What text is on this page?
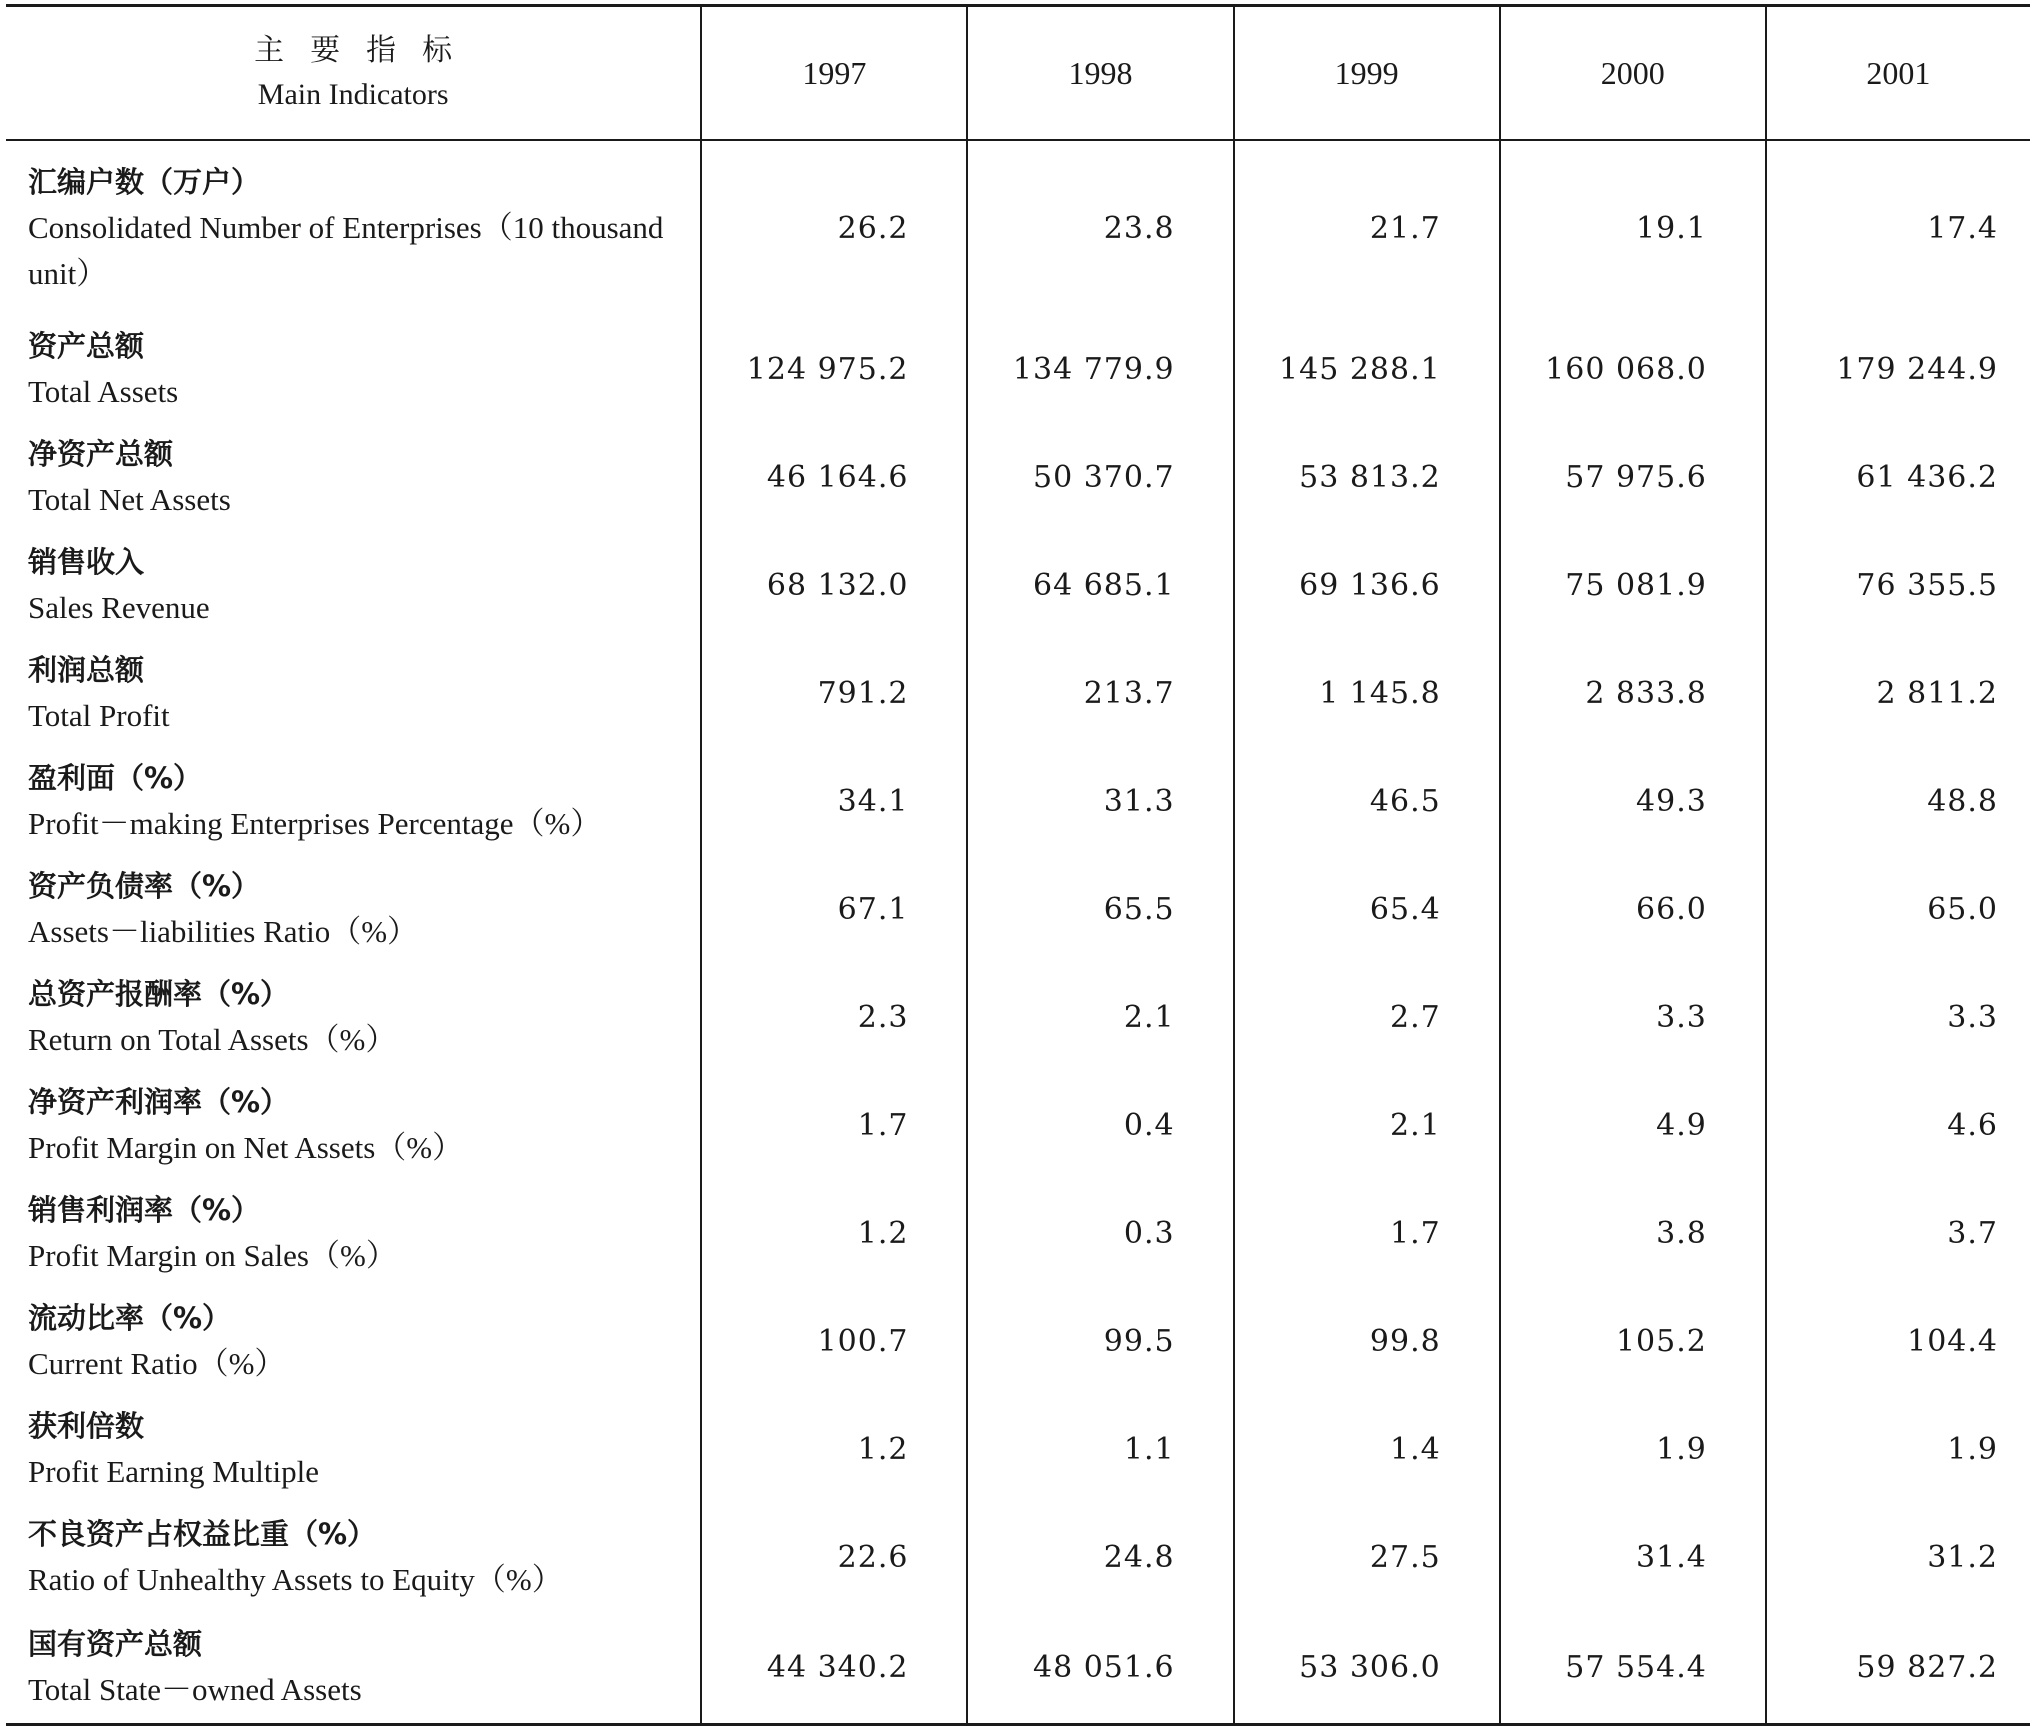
主要指标
Main Indicators	1997	1998	1999	2000	2001

汇编户数（万户）
Consolidated Number of Enterprises（10 thousand unit）	26.2	23.8	21.7	19.1	17.4

资产总额
Total Assets	124 975.2	134 779.9	145 288.1	160 068.0	179 244.9

净资产总额
Total Net Assets	46 164.6	50 370.7	53 813.2	57 975.6	61 436.2

销售收入
Sales Revenue	68 132.0	64 685.1	69 136.6	75 081.9	76 355.5

利润总额
Total Profit	791.2	213.7	1 145.8	2 833.8	2 811.2

盈利面（%）
Profit－making Enterprises Percentage（%）	34.1	31.3	46.5	49.3	48.8

资产负债率（%）
Assets－liabilities Ratio（%）	67.1	65.5	65.4	66.0	65.0

总资产报酬率（%）
Return on Total Assets（%）	2.3	2.1	2.7	3.3	3.3

净资产利润率（%）
Profit Margin on Net Assets（%）	1.7	0.4	2.1	4.9	4.6

销售利润率（%）
Profit Margin on Sales（%）	1.2	0.3	1.7	3.8	3.7

流动比率（%）
Current Ratio（%）	100.7	99.5	99.8	105.2	104.4

获利倍数
Profit Earning Multiple	1.2	1.1	1.4	1.9	1.9

不良资产占权益比重（%）
Ratio of Unhealthy Assets to Equity（%）	22.6	24.8	27.5	31.4	31.2

国有资产总额
Total State－owned Assets	44 340.2	48 051.6	53 306.0	57 554.4	59 827.2
